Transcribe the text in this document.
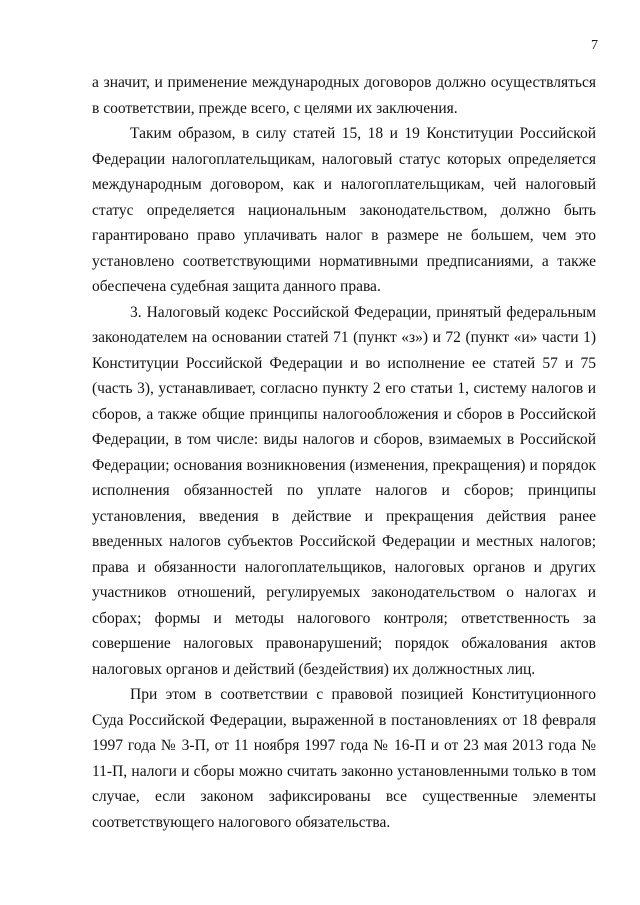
7

а значит, и применение международных договоров должно осуществляться в соответствии, прежде всего, с целями их заключения.

Таким образом, в силу статей 15, 18 и 19 Конституции Российской Федерации налогоплательщикам, налоговый статус которых определяется международным договором, как и налогоплательщикам, чей налоговый статус определяется национальным законодательством, должно быть гарантировано право уплачивать налог в размере не большем, чем это установлено соответствующими нормативными предписаниями, а также обеспечена судебная защита данного права.

3. Налоговый кодекс Российской Федерации, принятый федеральным законодателем на основании статей 71 (пункт «з») и 72 (пункт «и» части 1) Конституции Российской Федерации и во исполнение ее статей 57 и 75 (часть 3), устанавливает, согласно пункту 2 его статьи 1, систему налогов и сборов, а также общие принципы налогообложения и сборов в Российской Федерации, в том числе: виды налогов и сборов, взимаемых в Российской Федерации; основания возникновения (изменения, прекращения) и порядок исполнения обязанностей по уплате налогов и сборов; принципы установления, введения в действие и прекращения действия ранее введенных налогов субъектов Российской Федерации и местных налогов; права и обязанности налогоплательщиков, налоговых органов и других участников отношений, регулируемых законодательством о налогах и сборах; формы и методы налогового контроля; ответственность за совершение налоговых правонарушений; порядок обжалования актов налоговых органов и действий (бездействия) их должностных лиц.

При этом в соответствии с правовой позицией Конституционного Суда Российской Федерации, выраженной в постановлениях от 18 февраля 1997 года № 3-П, от 11 ноября 1997 года № 16-П и от 23 мая 2013 года № 11-П, налоги и сборы можно считать законно установленными только в том случае, если законом зафиксированы все существенные элементы соответствующего налогового обязательства.
